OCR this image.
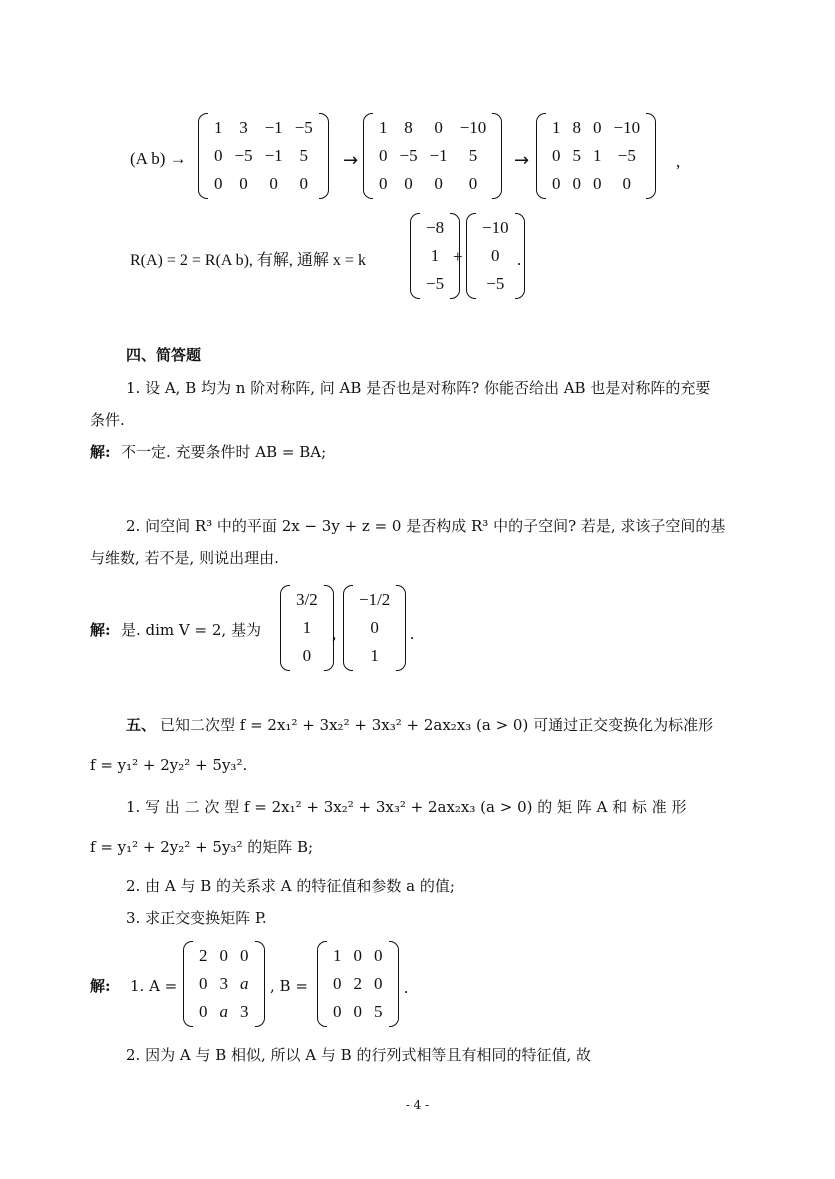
(A b) →
1	3	−1	−5
0	−5	−1	5
0	0	0	0
→
1	8	0	−10
0	−5	−1	5
0	0	0	0
→
1	8	0	−10
0	5	1	−5
0	0	0	0
,
R(A) = 2 = R(A b), 有解, 通解 x = k
−8
1
−5
+
−10
0
−5
.
四、简答题
1. 设 A, B 均为 n 阶对称阵, 问 AB 是否也是对称阵? 你能否给出 AB 也是对称阵的充要
条件.
解: 不一定. 充要条件时 AB = BA;
2. 问空间 R³ 中的平面 2x − 3y + z = 0 是否构成 R³ 中的子空间? 若是, 求该子空间的基
与维数, 若不是, 则说出理由.
解: 是. dim V = 2, 基为
3/2
1
0
,
−1/2
0
1
.
五、 已知二次型 f = 2x₁² + 3x₂² + 3x₃² + 2ax₂x₃ (a > 0) 可通过正交变换化为标准形
f = y₁² + 2y₂² + 5y₃².
1. 写 出 二 次 型 f = 2x₁² + 3x₂² + 3x₃² + 2ax₂x₃ (a > 0) 的 矩 阵 A 和 标 准 形
f = y₁² + 2y₂² + 5y₃² 的矩阵 B;
2. 由 A 与 B 的关系求 A 的特征值和参数 a 的值;
3. 求正交变换矩阵 P.
解: 1. A =
2	0	0
0	3	a
0	a	3
, B =
1	0	0
0	2	0
0	0	5
.
2. 因为 A 与 B 相似, 所以 A 与 B 的行列式相等且有相同的特征值, 故
- 4 -
